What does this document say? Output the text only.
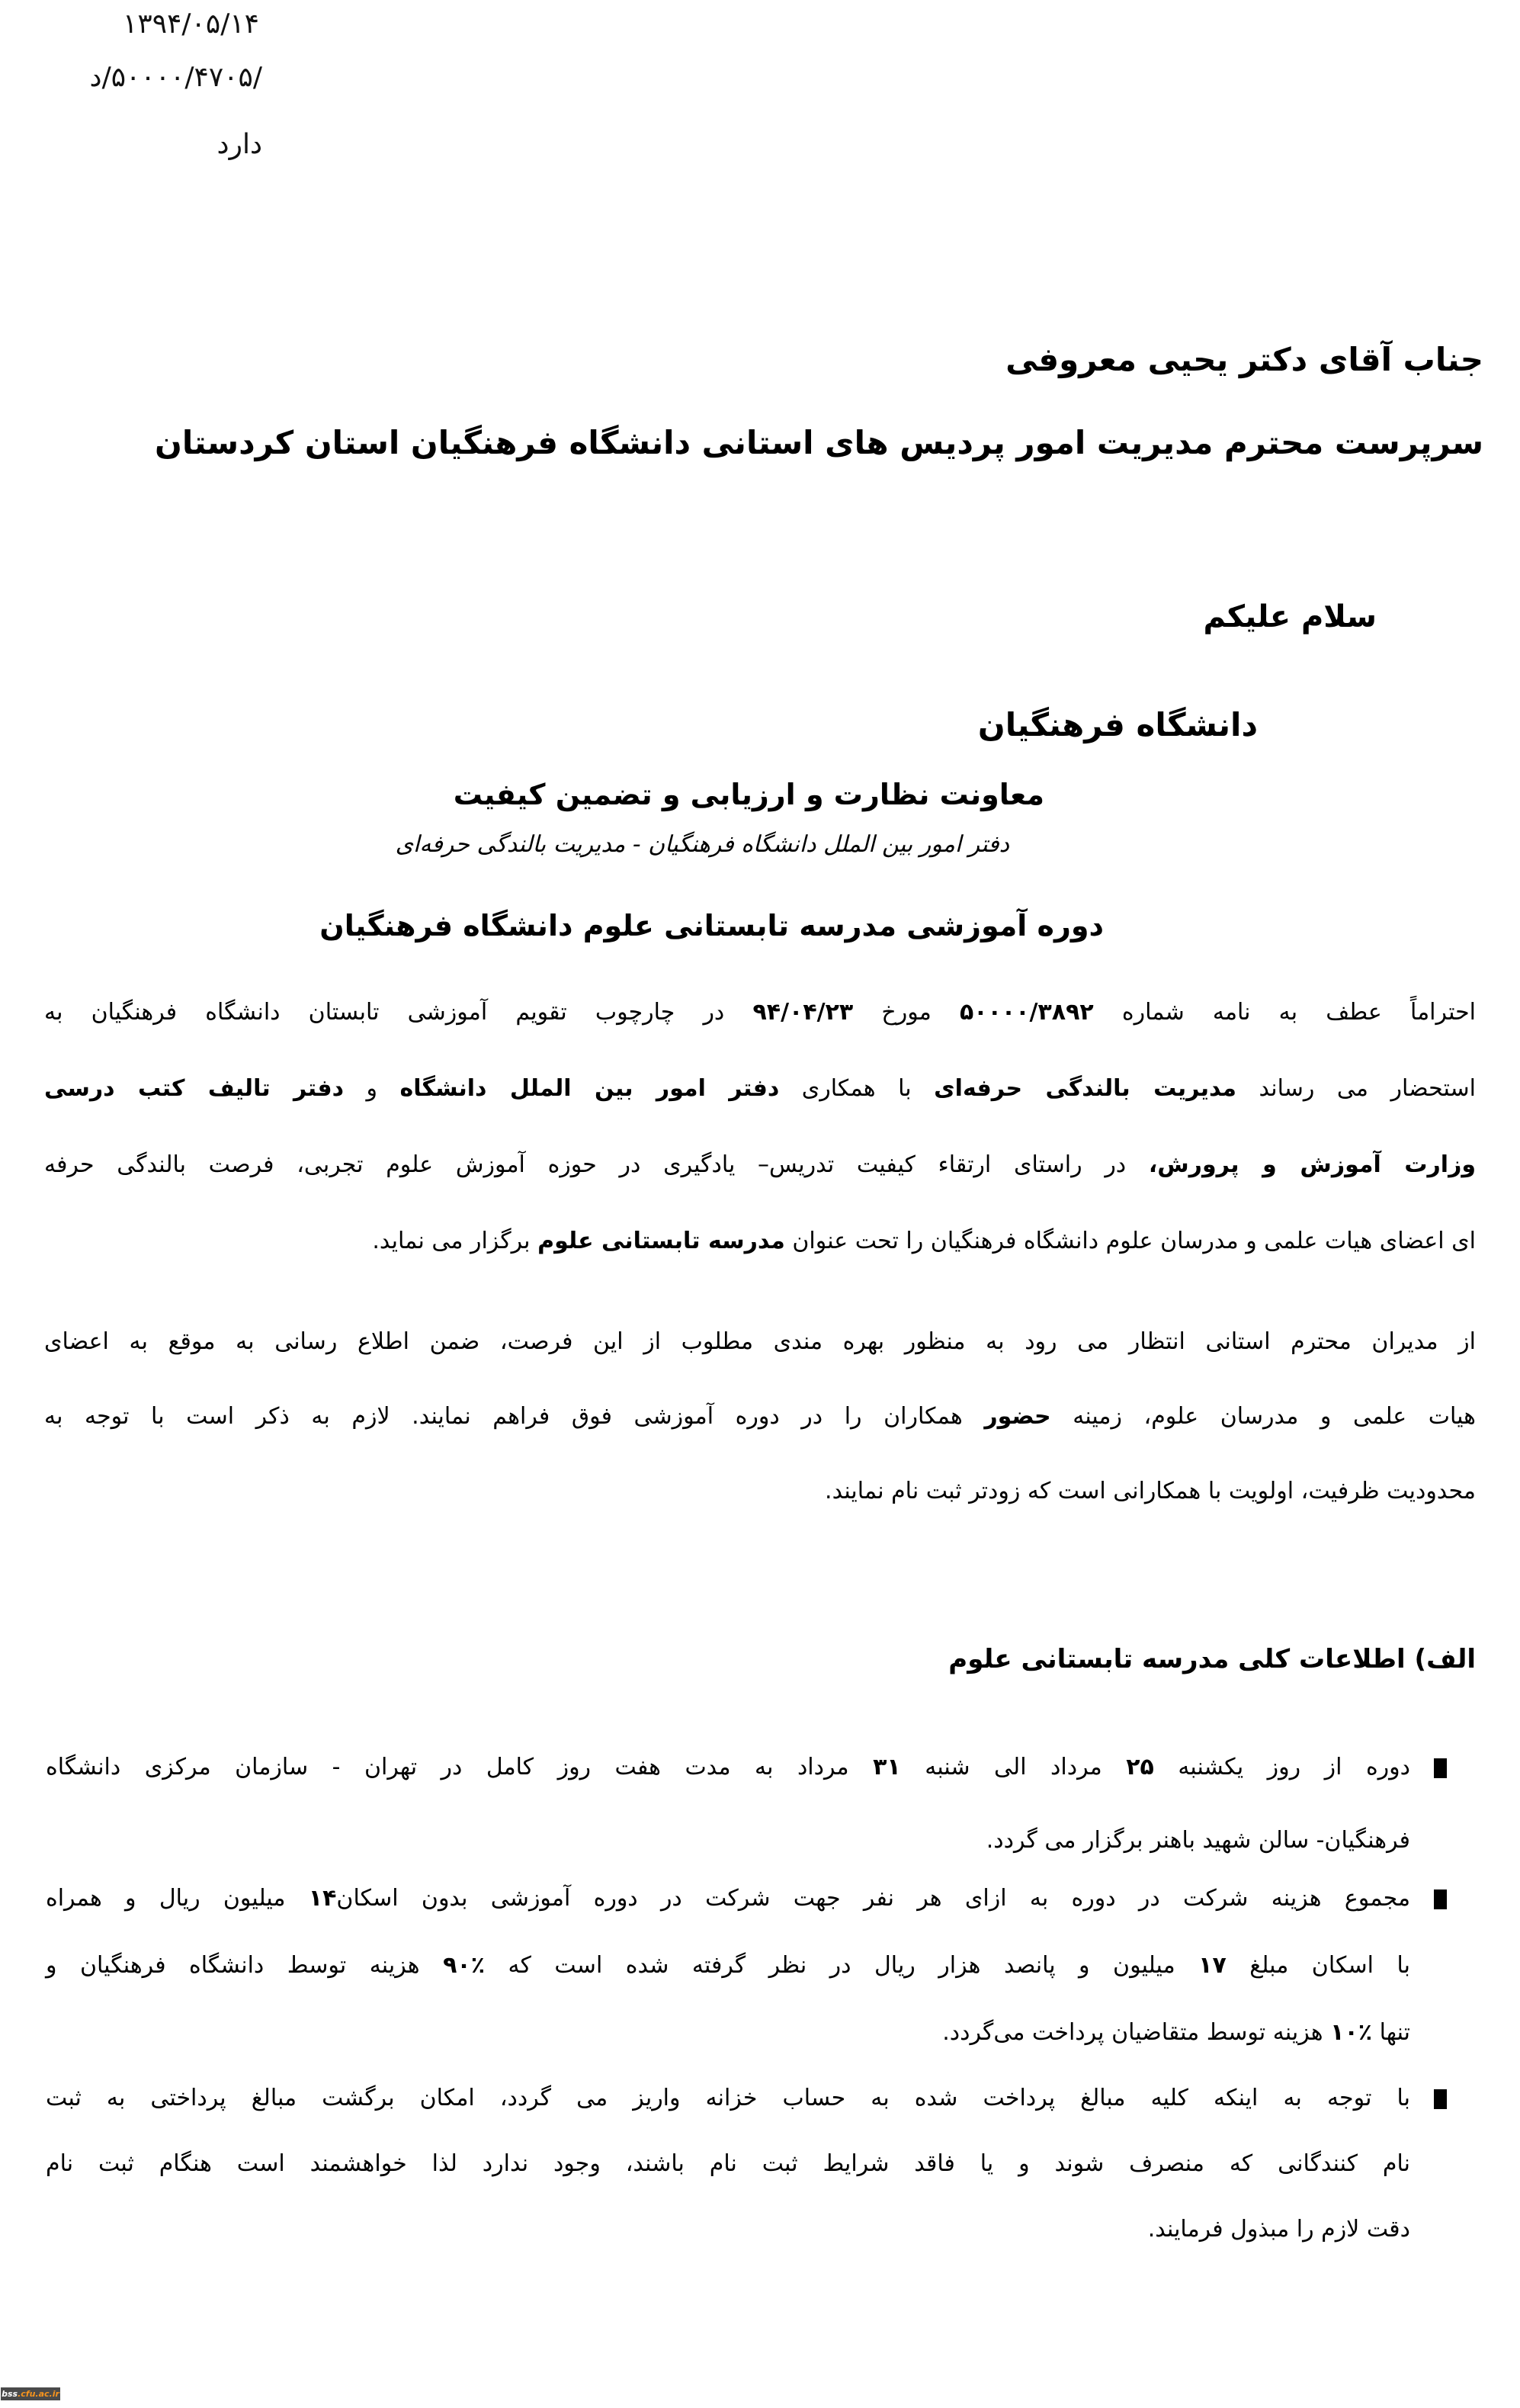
۱۳۹۴/۰۵/۱۴
/۵۰۰۰۰/۴۷۰۵/د
دارد
جناب آقای دکتر یحیی معروفی
سرپرست محترم مدیریت امور پردیس های استانی دانشگاه فرهنگیان استان کردستان
سلام علیکم
دانشگاه فرهنگیان
معاونت نظارت و ارزیابی و تضمین کیفیت
دفتر امور بین الملل دانشگاه فرهنگیان - مدیریت بالندگی حرفه‌ای
دوره آموزشی مدرسه تابستانی علوم دانشگاه فرهنگیان
احتراماً عطف به نامه شماره ۵۰۰۰۰/۳۸۹۲ مورخ ۹۴/۰۴/۲۳ در چارچوب تقویم آموزشی تابستان دانشگاه فرهنگیان به
استحضار می رساند مدیریت بالندگی حرفه‌ای با همکاری دفتر امور بین الملل دانشگاه و دفتر تالیف کتب درسی
وزارت آموزش و پرورش، در راستای ارتقاء کیفیت تدریس– یادگیری در حوزه آموزش علوم تجربی، فرصت بالندگی حرفه
ای اعضای هیات علمی و مدرسان علوم دانشگاه فرهنگیان را تحت عنوان مدرسه تابستانی علوم برگزار می نماید.
از مدیران محترم استانی انتظار می رود به منظور بهره مندی مطلوب از این فرصت، ضمن اطلاع رسانی به موقع به اعضای
هیات علمی و مدرسان علوم، زمینه حضور همکاران را در دوره آموزشی فوق فراهم نمایند. لازم به ذکر است با توجه به
محدودیت ظرفیت، اولویت با همکارانی است که زودتر ثبت نام نمایند.
الف) اطلاعات کلی مدرسه تابستانی علوم
دوره از روز یکشنبه ۲۵ مرداد الی شنبه ۳۱ مرداد به مدت هفت روز کامل در تهران - سازمان مرکزی دانشگاه
فرهنگیان- سالن شهید باهنر برگزار می گردد.
مجموع هزینه شرکت در دوره به ازای هر نفر جهت شرکت در دوره آموزشی بدون اسکان۱۴ میلیون ریال و همراه
با اسکان مبلغ ۱۷ میلیون و پانصد هزار ریال در نظر گرفته شده است که ٪۹۰ هزینه توسط دانشگاه فرهنگیان و
تنها ٪۱۰ هزینه توسط متقاضیان پرداخت می‌گردد.
با توجه به اینکه کلیه مبالغ پرداخت شده به حساب خزانه واریز می گردد، امکان برگشت مبالغ پرداختی به ثبت
نام کنندگانی که منصرف شوند و یا فاقد شرایط ثبت نام باشند، وجود ندارد لذا خواهشمند است هنگام ثبت نام
دقت لازم را مبذول فرمایند.
bss .cfu.ac.ir
